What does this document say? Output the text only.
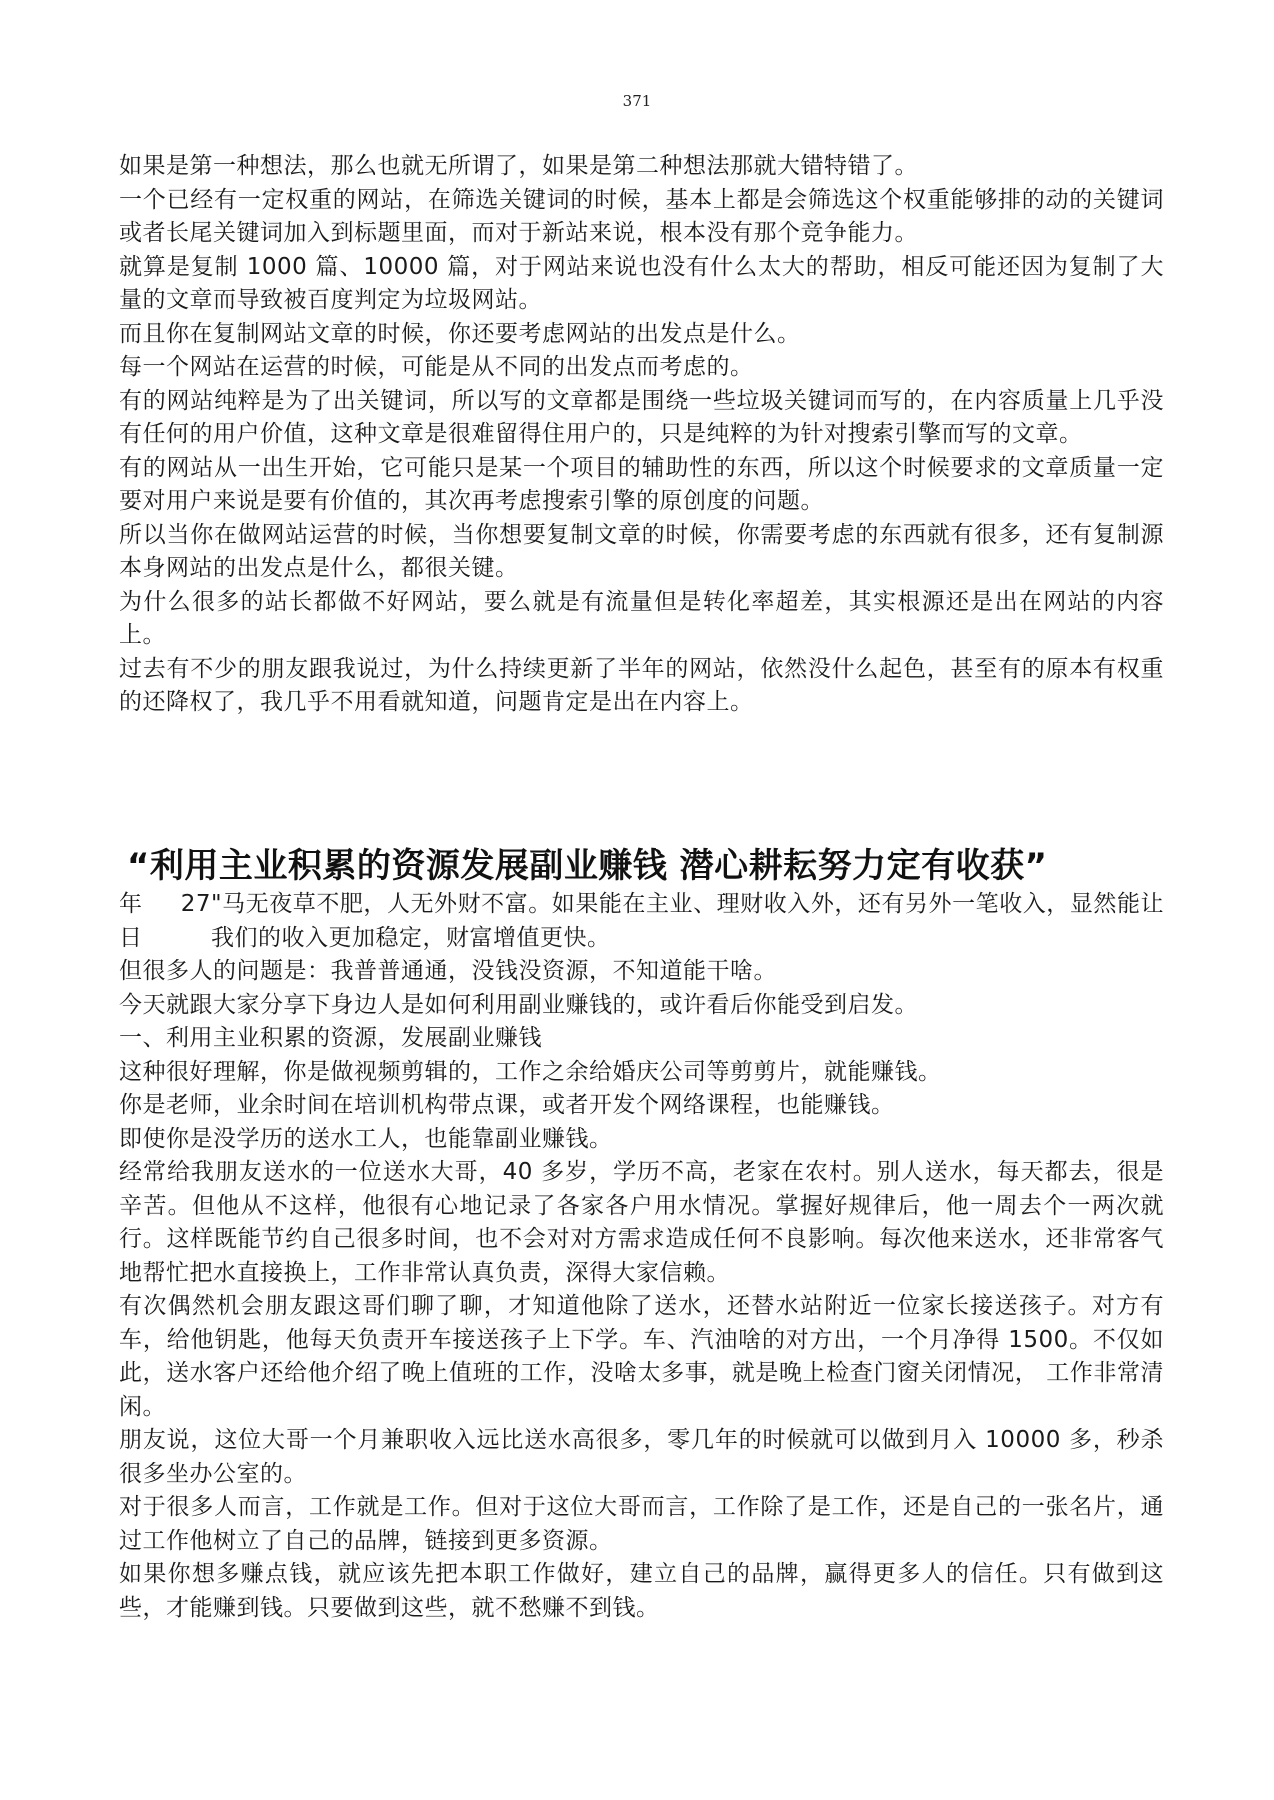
371

如果是第一种想法，那么也就无所谓了，如果是第二种想法那就大错特错了。

一个已经有一定权重的网站，在筛选关键词的时候，基本上都是会筛选这个权重能够排的动的关键词或者长尾关键词加入到标题里面，而对于新站来说，根本没有那个竞争能力。

就算是复制 1000 篇、10000 篇，对于网站来说也没有什么太大的帮助，相反可能还因为复制了大量的文章而导致被百度判定为垃圾网站。

而且你在复制网站文章的时候，你还要考虑网站的出发点是什么。

每一个网站在运营的时候，可能是从不同的出发点而考虑的。

有的网站纯粹是为了出关键词，所以写的文章都是围绕一些垃圾关键词而写的，在内容质量上几乎没有任何的用户价值，这种文章是很难留得住用户的，只是纯粹的为针对搜索引擎而写的文章。

有的网站从一出生开始，它可能只是某一个项目的辅助性的东西，所以这个时候要求的文章质量一定要对用户来说是要有价值的，其次再考虑搜索引擎的原创度的问题。

所以当你在做网站运营的时候，当你想要复制文章的时候，你需要考虑的东西就有很多，还有复制源本身网站的出发点是什么，都很关键。

为什么很多的站长都做不好网站，要么就是有流量但是转化率超差，其实根源还是出在网站的内容上。

过去有不少的朋友跟我说过，为什么持续更新了半年的网站，依然没什么起色，甚至有的原本有权重的还降权了，我几乎不用看就知道，问题肯定是出在内容上。

“利用主业积累的资源发展副业赚钱 潜心耕耘努力定有收获”

年 27 日
"马无夜草不肥，人无外财不富。如果能在主业、理财收入外，还有另外一笔收入，显然能让我们的收入更加稳定，财富增值更快。

但很多人的问题是：我普普通通，没钱没资源，不知道能干啥。

今天就跟大家分享下身边人是如何利用副业赚钱的，或许看后你能受到启发。

一、利用主业积累的资源，发展副业赚钱

这种很好理解，你是做视频剪辑的，工作之余给婚庆公司等剪剪片，就能赚钱。

你是老师，业余时间在培训机构带点课，或者开发个网络课程，也能赚钱。

即使你是没学历的送水工人，也能靠副业赚钱。

经常给我朋友送水的一位送水大哥，40 多岁，学历不高，老家在农村。别人送水，每天都去，很是辛苦。但他从不这样，他很有心地记录了各家各户用水情况。掌握好规律后，他一周去个一两次就行。这样既能节约自己很多时间，也不会对对方需求造成任何不良影响。每次他来送水，还非常客气地帮忙把水直接换上，工作非常认真负责，深得大家信赖。

有次偶然机会朋友跟这哥们聊了聊，才知道他除了送水，还替水站附近一位家长接送孩子。对方有车，给他钥匙，他每天负责开车接送孩子上下学。车、汽油啥的对方出，一个月净得 1500。不仅如此，送水客户还给他介绍了晚上值班的工作，没啥太多事，就是晚上检查门窗关闭情况， 工作非常清闲。

朋友说，这位大哥一个月兼职收入远比送水高很多，零几年的时候就可以做到月入 10000 多，秒杀很多坐办公室的。

对于很多人而言，工作就是工作。但对于这位大哥而言，工作除了是工作，还是自己的一张名片，通过工作他树立了自己的品牌，链接到更多资源。

如果你想多赚点钱，就应该先把本职工作做好，建立自己的品牌，赢得更多人的信任。只有做到这些，才能赚到钱。只要做到这些，就不愁赚不到钱。
